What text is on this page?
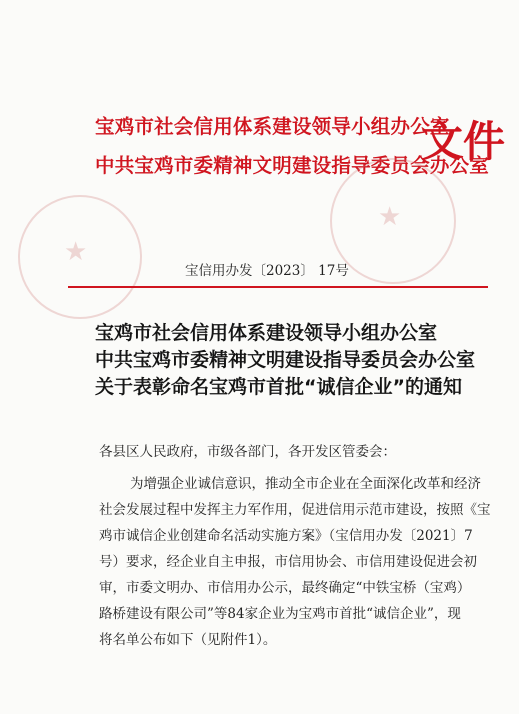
宝鸡市社会信用体系建设领导小组办公室
中共宝鸡市委精神文明建设指导委员会办公室
文件
★
★
宝信用办发〔2023〕 17号
宝鸡市社会信用体系建设领导小组办公室
中共宝鸡市委精神文明建设指导委员会办公室
关于表彰命名宝鸡市首批“诚信企业”的通知
各县区人民政府，市级各部门，各开发区管委会：
为增强企业诚信意识，推动全市企业在全面深化改革和经济
社会发展过程中发挥主力军作用，促进信用示范市建设，按照《宝
鸡市诚信企业创建命名活动实施方案》（宝信用办发〔2021〕7
号）要求，经企业自主申报，市信用协会、市信用建设促进会初
审，市委文明办、市信用办公示，最终确定“中铁宝桥（宝鸡）
路桥建设有限公司”等84家企业为宝鸡市首批“诚信企业”，现
将名单公布如下（见附件1）。
